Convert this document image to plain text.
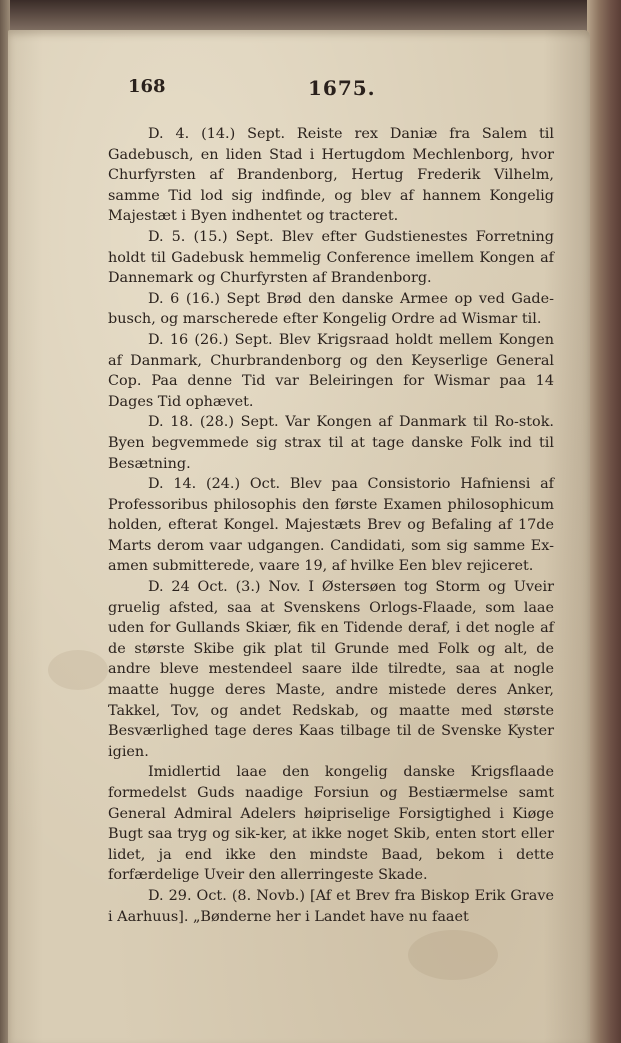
168	1675.

D. 4. (14.) Sept. Reiste rex Daniæ fra Salem til Gadebusch, en liden Stad i Hertugdom Mechlenborg, hvor Churfyrsten af Brandenborg, Hertug Frederik Vilhelm, samme Tid lod sig indfinde, og blev af hannem Kongelig Majestæt i Byen indhentet og tracteret.

D. 5. (15.) Sept. Blev efter Gudstienestes Forretning holdt til Gadebusk hemmelig Conference imellem Kongen af Dannemark og Churfyrsten af Brandenborg.

D. 6 (16.) Sept Brød den danske Armee op ved Gade-busch, og marscherede efter Kongelig Ordre ad Wismar til.

D. 16 (26.) Sept. Blev Krigsraad holdt mellem Kongen af Danmark, Churbrandenborg og den Keyserlige General Cop. Paa denne Tid var Beleiringen for Wismar paa 14 Dages Tid ophævet.

D. 18. (28.) Sept. Var Kongen af Danmark til Ro-stok. Byen begvemmede sig strax til at tage danske Folk ind til Besætning.

D. 14. (24.) Oct. Blev paa Consistorio Hafniensi af Professoribus philosophis den første Examen philosophicum holden, efterat Kongel. Majestæts Brev og Befaling af 17de Marts derom vaar udgangen. Candidati, som sig samme Ex-amen submitterede, vaare 19, af hvilke Een blev rejiceret.

D. 24 Oct. (3.) Nov. I Østersøen tog Storm og Uveir gruelig afsted, saa at Svenskens Orlogs-Flaade, som laae uden for Gullands Skiær, fik en Tidende deraf, i det nogle af de største Skibe gik plat til Grunde med Folk og alt, de andre bleve mestendeel saare ilde tilredte, saa at nogle maatte hugge deres Maste, andre mistede deres Anker, Takkel, Tov, og andet Redskab, og maatte med største Besværlighed tage deres Kaas tilbage til de Svenske Kyster igien.

Imidlertid laae den kongelig danske Krigsflaade formedelst Guds naadige Forsiun og Bestiærmelse samt General Admiral Adelers høipriselige Forsigtighed i Kiøge Bugt saa tryg og sik-ker, at ikke noget Skib, enten stort eller lidet, ja end ikke den mindste Baad, bekom i dette forfærdelige Uveir den allerringeste Skade.

D. 29. Oct. (8. Novb.) [Af et Brev fra Biskop Erik Grave i Aarhuus]. „Bønderne her i Landet have nu faaet
